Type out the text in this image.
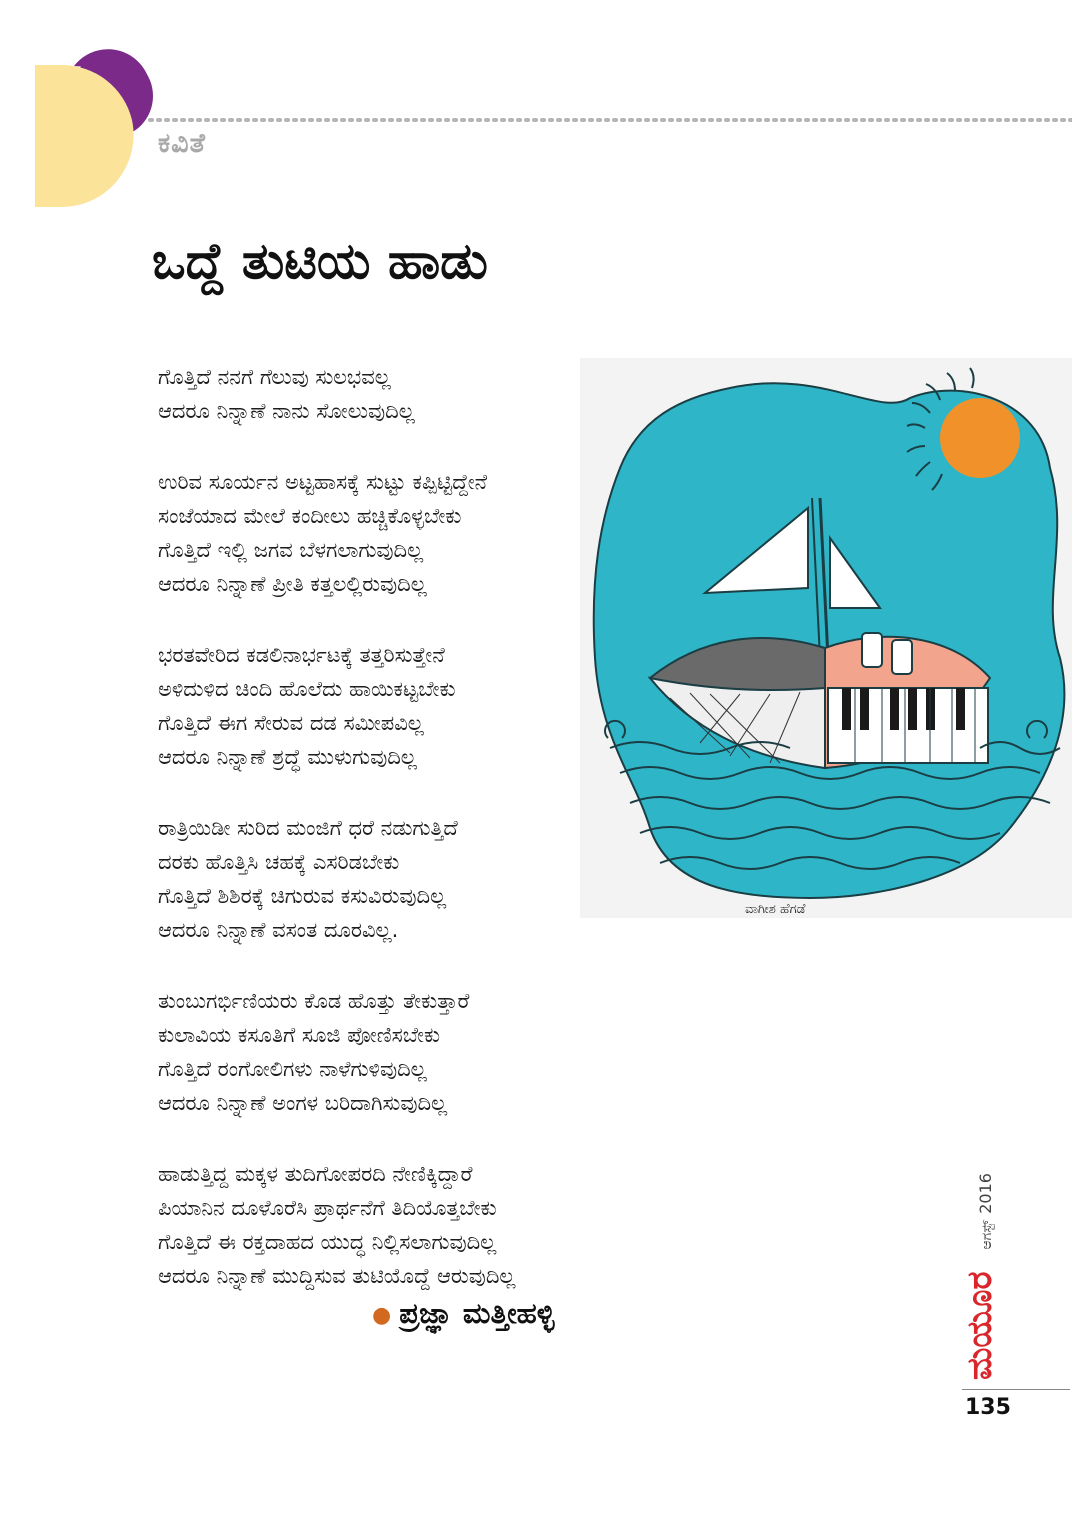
ಕವಿತೆ
ಒದ್ದೆ ತುಟಿಯ ಹಾಡು
ಗೊತ್ತಿದೆ ನನಗೆ ಗೆಲುವು ಸುಲಭವಲ್ಲ
ಆದರೂ ನಿನ್ನಾಣೆ ನಾನು ಸೋಲುವುದಿಲ್ಲ
ಉರಿವ ಸೂರ್ಯನ ಅಟ್ಟಹಾಸಕ್ಕೆ ಸುಟ್ಟು ಕಪ್ಪಿಟ್ಟಿದ್ದೇನೆ
ಸಂಜೆಯಾದ ಮೇಲೆ ಕಂದೀಲು ಹಚ್ಚಿಕೊಳ್ಳಬೇಕು
ಗೊತ್ತಿದೆ ಇಲ್ಲಿ ಜಗವ ಬೆಳಗಲಾಗುವುದಿಲ್ಲ
ಆದರೂ ನಿನ್ನಾಣೆ ಪ್ರೀತಿ ಕತ್ತಲಲ್ಲಿರುವುದಿಲ್ಲ
ಭರತವೇರಿದ ಕಡಲಿನಾರ್ಭಟಕ್ಕೆ ತತ್ತರಿಸುತ್ತೇನೆ
ಅಳಿದುಳಿದ ಚಿಂದಿ ಹೊಲೆದು ಹಾಯಿಕಟ್ಟಬೇಕು
ಗೊತ್ತಿದೆ ಈಗ ಸೇರುವ ದಡ ಸಮೀಪವಿಲ್ಲ
ಆದರೂ ನಿನ್ನಾಣೆ ಶ್ರದ್ಧೆ ಮುಳುಗುವುದಿಲ್ಲ
ರಾತ್ರಿಯಿಡೀ ಸುರಿದ ಮಂಜಿಗೆ ಧರೆ ನಡುಗುತ್ತಿದೆ
ದರಕು ಹೊತ್ತಿಸಿ ಚಹಕ್ಕೆ ಎಸರಿಡಬೇಕು
ಗೊತ್ತಿದೆ ಶಿಶಿರಕ್ಕೆ ಚಿಗುರುವ ಕಸುವಿರುವುದಿಲ್ಲ
ಆದರೂ ನಿನ್ನಾಣೆ ವಸಂತ ದೂರವಿಲ್ಲ.
ತುಂಬುಗರ್ಭಿಣಿಯರು ಕೊಡ ಹೊತ್ತು ತೇಕುತ್ತಾರೆ
ಕುಲಾವಿಯ ಕಸೂತಿಗೆ ಸೂಜಿ ಪೋಣಿಸಬೇಕು
ಗೊತ್ತಿದೆ ರಂಗೋಲಿಗಳು ನಾಳೆಗುಳಿವುದಿಲ್ಲ
ಆದರೂ ನಿನ್ನಾಣೆ ಅಂಗಳ ಬರಿದಾಗಿಸುವುದಿಲ್ಲ
ಹಾಡುತ್ತಿದ್ದ ಮಕ್ಕಳ ತುದಿಗೋಪರದಿ ನೇಣಿಕ್ಕಿದ್ದಾರೆ
ಪಿಯಾನಿನ ದೂಳೊರೆಸಿ ಪ್ರಾರ್ಥನೆಗೆ ತಿದಿಯೊತ್ತಬೇಕು
ಗೊತ್ತಿದೆ ಈ ರಕ್ತದಾಹದ ಯುದ್ಧ ನಿಲ್ಲಿಸಲಾಗುವುದಿಲ್ಲ
ಆದರೂ ನಿನ್ನಾಣೆ ಮುದ್ದಿಸುವ ತುಟಿಯೊದ್ದೆ ಆರುವುದಿಲ್ಲ
● ಪ್ರಜ್ಞಾ ಮತ್ತೀಹಳ್ಳಿ
ವಾಗೀಶ ಹೆಗಡೆ
ಮಯೂರಆಗಸ್ಟ್2016
135
